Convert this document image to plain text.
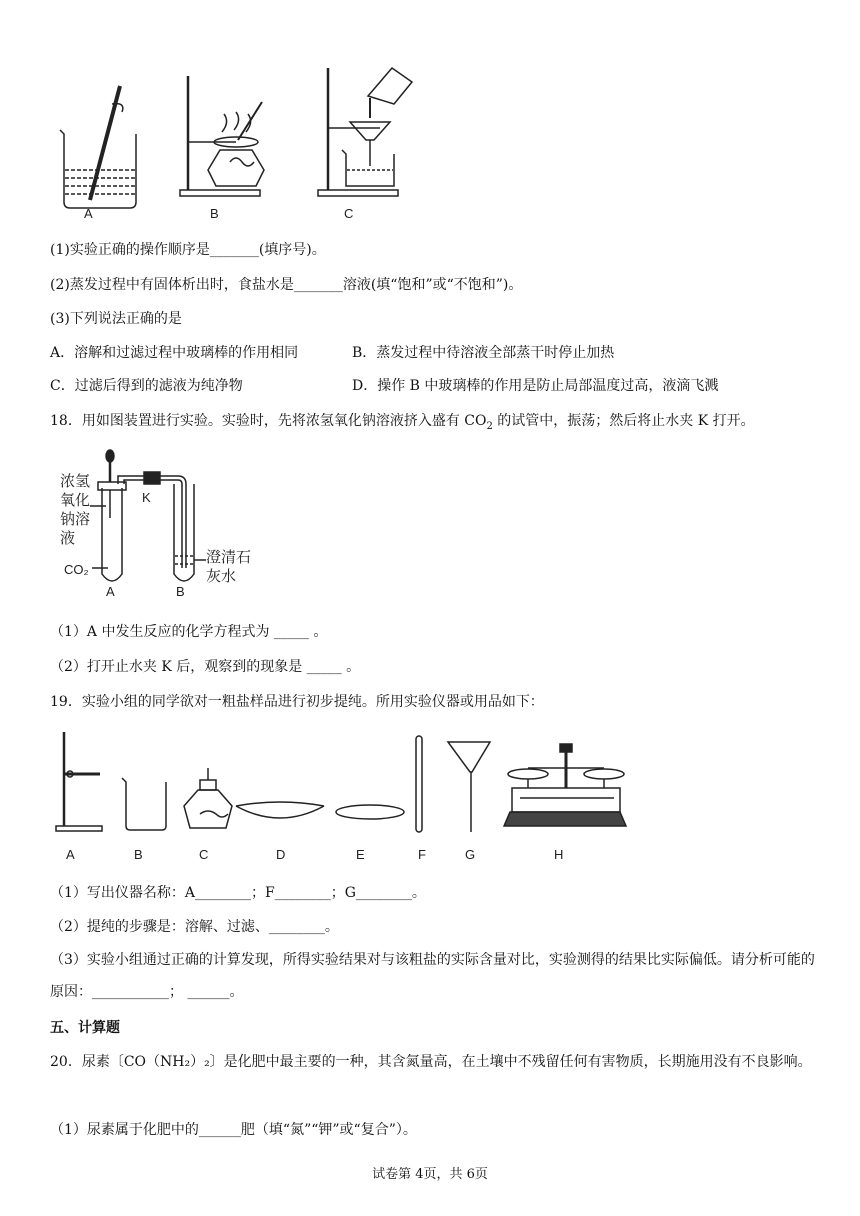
A	B	C
(1)实验正确的操作顺序是_______(填序号)。
(2)蒸发过程中有固体析出时，食盐水是_______溶液(填“饱和”或“不饱和”)。
(3)下列说法正确的是
A．溶解和过滤过程中玻璃棒的作用相同	B．蒸发过程中待溶液全部蒸干时停止加热
C．过滤后得到的滤液为纯净物	D．操作 B 中玻璃棒的作用是防止局部温度过高，液滴飞溅
18．用如图装置进行实验。实验时，先将浓氢氧化钠溶液挤入盛有 $CO_2$ 的试管中，振荡；然后将止水夹 K 打开。
浓氢氧化钠溶液
K
CO₂
澄清石灰水
A	B
（1）A 中发生反应的化学方程式为 _____ 。
（2）打开止水夹 K 后，观察到的现象是 _____ 。
19．实验小组的同学欲对一粗盐样品进行初步提纯。所用实验仪器或用品如下：
A	B	C	D	E	F	G	H
（1）写出仪器名称：A________；F________；G________。
（2）提纯的步骤是：溶解、过滤、________。
（3）实验小组通过正确的计算发现，所得实验结果对与该粗盐的实际含量对比，实验测得的结果比实际偏低。请分析可能的原因：___________； ______。
五、计算题
20．尿素〔CO（NH₂）₂〕是化肥中最主要的一种，其含氮量高，在土壤中不残留任何有害物质，长期施用没有不良影响。
（1）尿素属于化肥中的______肥（填“氮”“钾”或“复合”）。
试卷第 4页，共 6页
